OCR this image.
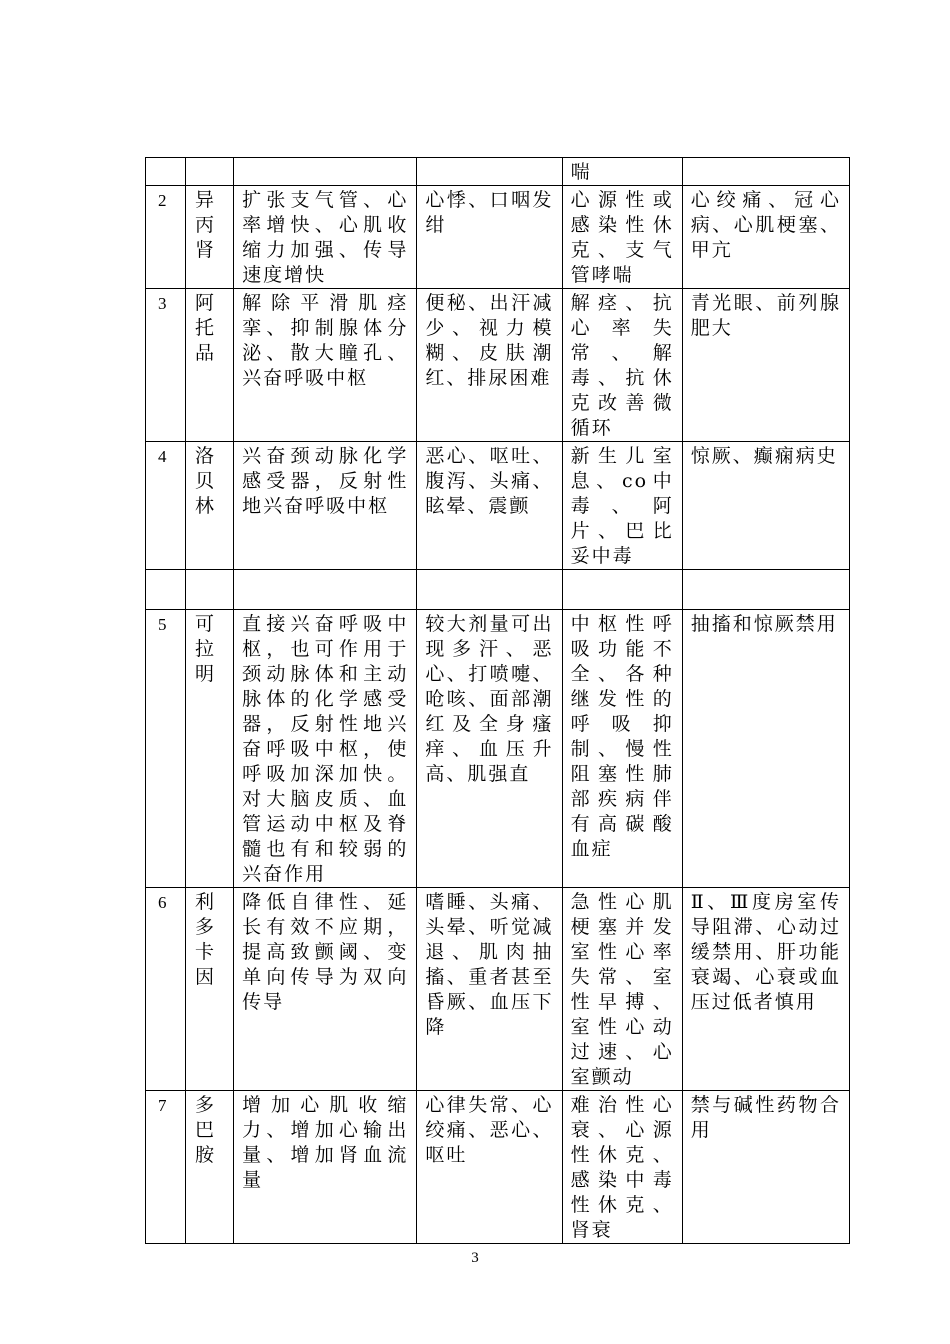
				喘	
2	异丙肾	扩张支气管、心率增快、心肌收缩力加强、传导速度增快	心悸、口咽发绀	心源性或感染性休克、支气管哮喘	心绞痛、冠心病、心肌梗塞、甲亢
3	阿托品	解除平滑肌痉挛、抑制腺体分泌、散大瞳孔、兴奋呼吸中枢	便秘、出汗减少、视力模糊、皮肤潮红、排尿困难	解痉、抗心率失常、解毒、抗休克改善微循环	青光眼、前列腺肥大
4	洛贝林	兴奋颈动脉化学感受器，反射性地兴奋呼吸中枢	恶心、呕吐、腹泻、头痛、眩晕、震颤	新生儿室息、co中毒、阿片、巴比妥中毒	惊厥、癫痫病史

5	可拉明	直接兴奋呼吸中枢，也可作用于颈动脉体和主动脉体的化学感受器，反射性地兴奋呼吸中枢，使呼吸加深加快。对大脑皮质、血管运动中枢及脊髓也有和较弱的兴奋作用	较大剂量可出现多汗、恶心、打喷嚏、呛咳、面部潮红及全身瘙痒、血压升高、肌强直	中枢性呼吸功能不全、各种继发性的呼吸抑制、慢性阻塞性肺部疾病伴有高碳酸血症	抽搐和惊厥禁用
6	利多卡因	降低自律性、延长有效不应期，提高致颤阈、变单向传导为双向传导	嗜睡、头痛、头晕、听觉减退、肌肉抽搐、重者甚至昏厥、血压下降	急性心肌梗塞并发室性心率失常、室性早搏、室性心动过速、心室颤动	Ⅱ、Ⅲ度房室传导阻滞、心动过缓禁用、肝功能衰竭、心衰或血压过低者慎用
7	多巴胺	增加心肌收缩力、增加心输出量、增加肾血流量	心律失常、心绞痛、恶心、呕吐	难治性心衰、心源性休克、感染中毒性休克、肾衰	禁与碱性药物合用
3
